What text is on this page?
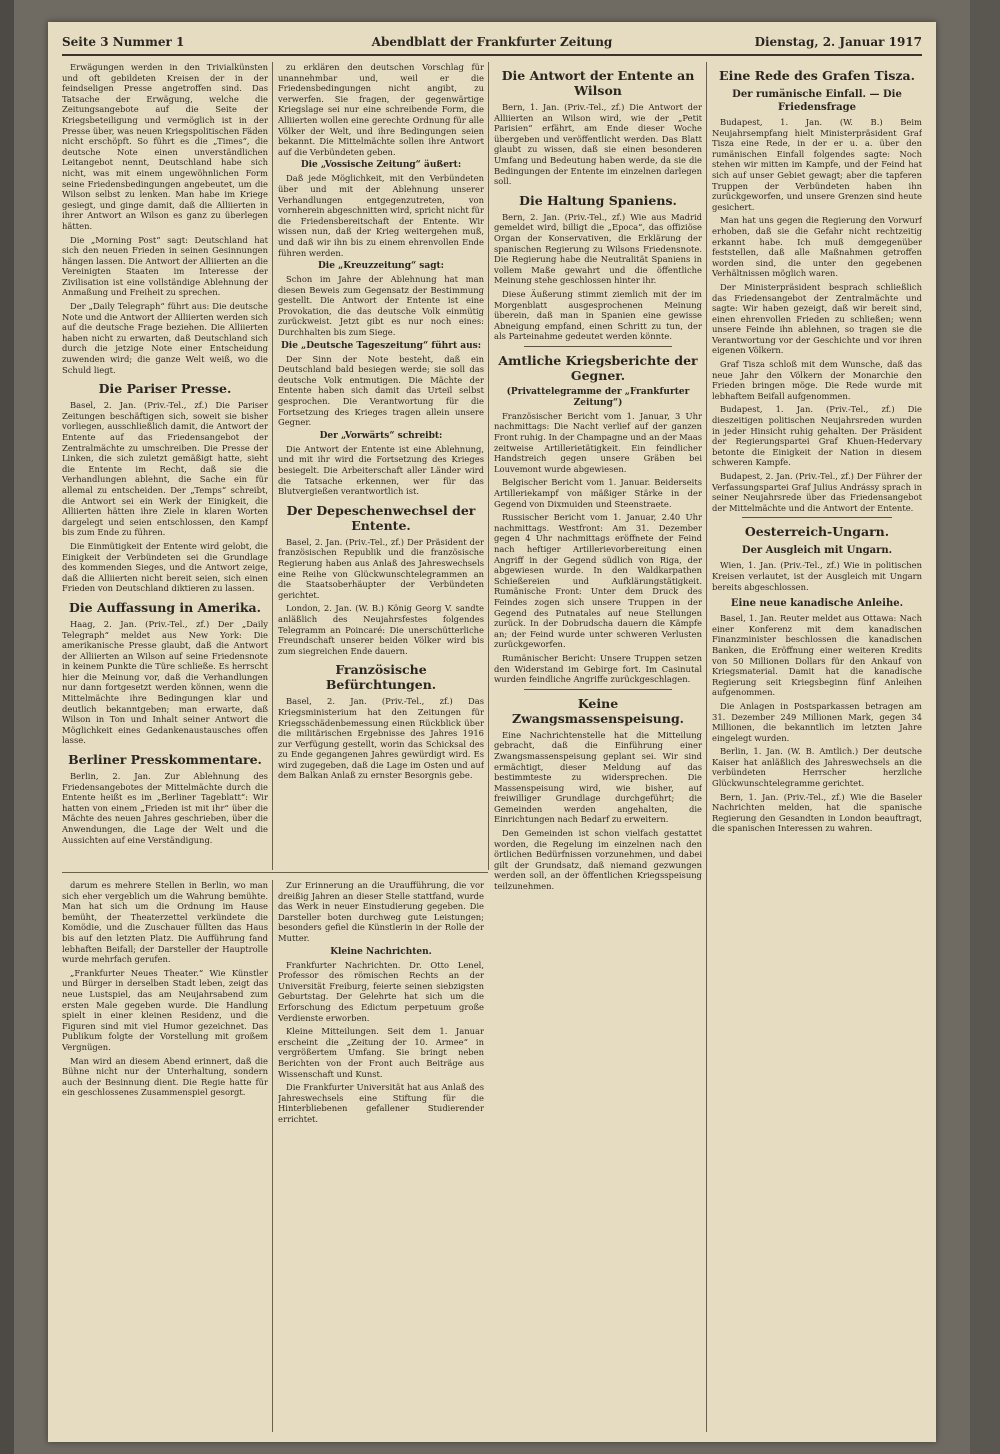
Seite 3 Nummer 1	Abendblatt der Frankfurter Zeitung	Dienstag, 2. Januar 1917

Erwägungen werden in den Trivialkünsten und oft gebildeten Kreisen der in der feindseligen Presse angetroffen sind. Das Tatsache der Erwägung, welche die Zeitungsangebote auf die Seite der Kriegsbeteiligung und vermöglich ist in der Presse über, was neuen Kriegspolitischen Fäden nicht erschöpft. So führt es die „Times“, die deutsche Note einen unverständlichen Leitangebot nennt, Deutschland habe sich nicht, was mit einem ungewöhnlichen Form seine Friedensbedingungen angebeutet, um die Wilson selbst zu lenken. Man habe im Kriege gesiegt, und ginge damit, daß die Alliierten in ihrer Antwort an Wilson es ganz zu überlegen hätten.

Die „Morning Post“ sagt: Deutschland hat sich den neuen Frieden in seinen Gesinnungen hängen lassen. Die Antwort der Alliierten an die Vereinigten Staaten im Interesse der Zivilisation ist eine vollständige Ablehnung der Anmaßung und Freiheit zu sprechen.

Der „Daily Telegraph“ führt aus: Die deutsche Note und die Antwort der Alliierten werden sich auf die deutsche Frage beziehen. Die Alliierten haben nicht zu erwarten, daß Deutschland sich durch die jetzige Note einer Entscheidung zuwenden wird; die ganze Welt weiß, wo die Schuld liegt.

Die Pariser Presse.

Basel, 2. Jan. (Priv.-Tel., zf.) Die Pariser Zeitungen beschäftigen sich, soweit sie bisher vorliegen, ausschließlich damit, die Antwort der Entente auf das Friedensangebot der Zentralmächte zu umschreiben. Die Presse der Linken, die sich zuletzt gemäßigt hatte, sieht die Entente im Recht, daß sie die Verhandlungen ablehnt, die Sache ein für allemal zu entscheiden. Der „Temps“ schreibt, die Antwort sei ein Werk der Einigkeit, die Alliierten hätten ihre Ziele in klaren Worten dargelegt und seien entschlossen, den Kampf bis zum Ende zu führen.

Die Einmütigkeit der Entente wird gelobt, die Einigkeit der Verbündeten sei die Grundlage des kommenden Sieges, und die Antwort zeige, daß die Alliierten nicht bereit seien, sich einen Frieden von Deutschland diktieren zu lassen.

Die Auffassung in Amerika.

Haag, 2. Jan. (Priv.-Tel., zf.) Der „Daily Telegraph“ meldet aus New York: Die amerikanische Presse glaubt, daß die Antwort der Alliierten an Wilson auf seine Friedensnote in keinem Punkte die Türe schließe. Es herrscht hier die Meinung vor, daß die Verhandlungen nur dann fortgesetzt werden können, wenn die Mittelmächte ihre Bedingungen klar und deutlich bekanntgeben; man erwarte, daß Wilson in Ton und Inhalt seiner Antwort die Möglichkeit eines Gedankenaustausches offen lasse.

Berliner Presskommentare.

Berlin, 2. Jan. Zur Ablehnung des Friedensangebotes der Mittelmächte durch die Entente heißt es im „Berliner Tageblatt“: Wir hatten von einem „Frieden ist mit ihr“ über die Mächte des neuen Jahres geschrieben, über die Anwendungen, die Lage der Welt und die Aussichten auf eine Verständigung.

zu erklären den deutschen Vorschlag für unannehmbar und, weil er die Friedensbedingungen nicht angibt, zu verwerfen. Sie fragen, der gegenwärtige Kriegslage sei nur eine schreibende Form, die Alliierten wollen eine gerechte Ordnung für alle Völker der Welt, und ihre Bedingungen seien bekannt. Die Mittelmächte sollen ihre Antwort auf die Verbündeten geben.

Die „Vossische Zeitung“ äußert:

Daß jede Möglichkeit, mit den Verbündeten über und mit der Ablehnung unserer Verhandlungen entgegenzutreten, von vornherein abgeschnitten wird, spricht nicht für die Friedensbereitschaft der Entente. Wir wissen nun, daß der Krieg weitergehen muß, und daß wir ihn bis zu einem ehrenvollen Ende führen werden.

Die „Kreuzzeitung“ sagt:

Schon im Jahre der Ablehnung hat man diesen Beweis zum Gegensatz der Bestimmung gestellt. Die Antwort der Entente ist eine Provokation, die das deutsche Volk einmütig zurückweist. Jetzt gibt es nur noch eines: Durchhalten bis zum Siege.

Die „Deutsche Tageszeitung“ führt aus:

Der Sinn der Note besteht, daß ein Deutschland bald besiegen werde; sie soll das deutsche Volk entmutigen. Die Mächte der Entente haben sich damit das Urteil selbst gesprochen. Die Verantwortung für die Fortsetzung des Krieges tragen allein unsere Gegner.

Der „Vorwärts“ schreibt:

Die Antwort der Entente ist eine Ablehnung, und mit ihr wird die Fortsetzung des Krieges besiegelt. Die Arbeiterschaft aller Länder wird die Tatsache erkennen, wer für das Blutvergießen verantwortlich ist.

Der Depeschenwechsel der Entente.

Basel, 2. Jan. (Priv.-Tel., zf.) Der Präsident der französischen Republik und die französische Regierung haben aus Anlaß des Jahreswechsels eine Reihe von Glückwunschtelegrammen an die Staatsoberhäupter der Verbündeten gerichtet.

London, 2. Jan. (W. B.) König Georg V. sandte anläßlich des Neujahrsfestes folgendes Telegramm an Poincaré: Die unerschütterliche Freundschaft unserer beiden Völker wird bis zum siegreichen Ende dauern.

Französische Befürchtungen.

Basel, 2. Jan. (Priv.-Tel., zf.) Das Kriegsministerium hat den Zeitungen für Kriegsschädenbemessung einen Rückblick über die militärischen Ergebnisse des Jahres 1916 zur Verfügung gestellt, worin das Schicksal des zu Ende gegangenen Jahres gewürdigt wird. Es wird zugegeben, daß die Lage im Osten und auf dem Balkan Anlaß zu ernster Besorgnis gebe.

Die Antwort der Entente an Wilson

Bern, 1. Jan. (Priv.-Tel., zf.) Die Antwort der Alliierten an Wilson wird, wie der „Petit Parisien“ erfährt, am Ende dieser Woche übergeben und veröffentlicht werden. Das Blatt glaubt zu wissen, daß sie einen besonderen Umfang und Bedeutung haben werde, da sie die Bedingungen der Entente im einzelnen darlegen soll.

Die Haltung Spaniens.

Bern, 2. Jan. (Priv.-Tel., zf.) Wie aus Madrid gemeldet wird, billigt die „Epoca“, das offiziöse Organ der Konservativen, die Erklärung der spanischen Regierung zu Wilsons Friedensnote. Die Regierung habe die Neutralität Spaniens in vollem Maße gewahrt und die öffentliche Meinung stehe geschlossen hinter ihr.

Diese Äußerung stimmt ziemlich mit der im Morgenblatt ausgesprochenen Meinung überein, daß man in Spanien eine gewisse Abneigung empfand, einen Schritt zu tun, der als Parteinahme gedeutet werden könnte.

Amtliche Kriegsberichte der Gegner.
(Privattelegramme der „Frankfurter Zeitung“)

Französischer Bericht vom 1. Januar, 3 Uhr nachmittags: Die Nacht verlief auf der ganzen Front ruhig. In der Champagne und an der Maas zeitweise Artillerietätigkeit. Ein feindlicher Handstreich gegen unsere Gräben bei Louvemont wurde abgewiesen.

Belgischer Bericht vom 1. Januar. Beiderseits Artilleriekampf von mäßiger Stärke in der Gegend von Dixmuiden und Steenstraete.

Russischer Bericht vom 1. Januar, 2.40 Uhr nachmittags. Westfront: Am 31. Dezember gegen 4 Uhr nachmittags eröffnete der Feind nach heftiger Artillerievorbereitung einen Angriff in der Gegend südlich von Riga, der abgewiesen wurde. In den Waldkarpathen Schießereien und Aufklärungstätigkeit. Rumänische Front: Unter dem Druck des Feindes zogen sich unsere Truppen in der Gegend des Putnatales auf neue Stellungen zurück. In der Dobrudscha dauern die Kämpfe an; der Feind wurde unter schweren Verlusten zurückgeworfen.

Rumänischer Bericht: Unsere Truppen setzen den Widerstand im Gebirge fort. Im Casinutal wurden feindliche Angriffe zurückgeschlagen.

Keine Zwangsmassenspeisung.

Eine Nachrichtenstelle hat die Mitteilung gebracht, daß die Einführung einer Zwangsmassenspeisung geplant sei. Wir sind ermächtigt, dieser Meldung auf das bestimmteste zu widersprechen. Die Massenspeisung wird, wie bisher, auf freiwilliger Grundlage durchgeführt; die Gemeinden werden angehalten, die Einrichtungen nach Bedarf zu erweitern.

Den Gemeinden ist schon vielfach gestattet worden, die Regelung im einzelnen nach den örtlichen Bedürfnissen vorzunehmen, und dabei gilt der Grundsatz, daß niemand gezwungen werden soll, an der öffentlichen Kriegsspeisung teilzunehmen.

Eine Rede des Grafen Tisza.
Der rumänische Einfall. — Die Friedensfrage

Budapest, 1. Jan. (W. B.) Beim Neujahrsempfang hielt Ministerpräsident Graf Tisza eine Rede, in der er u. a. über den rumänischen Einfall folgendes sagte: Noch stehen wir mitten im Kampfe, und der Feind hat sich auf unser Gebiet gewagt; aber die tapferen Truppen der Verbündeten haben ihn zurückgeworfen, und unsere Grenzen sind heute gesichert.

Man hat uns gegen die Regierung den Vorwurf erhoben, daß sie die Gefahr nicht rechtzeitig erkannt habe. Ich muß demgegenüber feststellen, daß alle Maßnahmen getroffen worden sind, die unter den gegebenen Verhältnissen möglich waren.

Der Ministerpräsident besprach schließlich das Friedensangebot der Zentralmächte und sagte: Wir haben gezeigt, daß wir bereit sind, einen ehrenvollen Frieden zu schließen; wenn unsere Feinde ihn ablehnen, so tragen sie die Verantwortung vor der Geschichte und vor ihren eigenen Völkern.

Graf Tisza schloß mit dem Wunsche, daß das neue Jahr den Völkern der Monarchie den Frieden bringen möge. Die Rede wurde mit lebhaftem Beifall aufgenommen.

Budapest, 1. Jan. (Priv.-Tel., zf.) Die dieszeitigen politischen Neujahrsreden wurden in jeder Hinsicht ruhig gehalten. Der Präsident der Regierungspartei Graf Khuen-Hedervary betonte die Einigkeit der Nation in diesem schweren Kampfe.

Budapest, 2. Jan. (Priv.-Tel., zf.) Der Führer der Verfassungspartei Graf Julius Andrássy sprach in seiner Neujahrsrede über das Friedensangebot der Mittelmächte und die Antwort der Entente.

Oesterreich-Ungarn.
Der Ausgleich mit Ungarn.

Wien, 1. Jan. (Priv.-Tel., zf.) Wie in politischen Kreisen verlautet, ist der Ausgleich mit Ungarn bereits abgeschlossen.

Eine neue kanadische Anleihe.

Basel, 1. Jan. Reuter meldet aus Ottawa: Nach einer Konferenz mit dem kanadischen Finanzminister beschlossen die kanadischen Banken, die Eröffnung einer weiteren Kredits von 50 Millionen Dollars für den Ankauf von Kriegsmaterial. Damit hat die kanadische Regierung seit Kriegsbeginn fünf Anleihen aufgenommen.

Die Anlagen in Postsparkassen betragen am 31. Dezember 249 Millionen Mark, gegen 34 Millionen, die bekanntlich im letzten Jahre eingelegt wurden.

Berlin, 1. Jan. (W. B. Amtlich.) Der deutsche Kaiser hat anläßlich des Jahreswechsels an die verbündeten Herrscher herzliche Glückwunschtelegramme gerichtet.

Bern, 1. Jan. (Priv.-Tel., zf.) Wie die Baseler Nachrichten melden, hat die spanische Regierung den Gesandten in London beauftragt, die spanischen Interessen zu wahren.

darum es mehrere Stellen in Berlin, wo man sich eher vergeblich um die Wahrung bemühte. Man hat sich um die Ordnung im Hause bemüht, der Theaterzettel verkündete die Komödie, und die Zuschauer füllten das Haus bis auf den letzten Platz. Die Aufführung fand lebhaften Beifall; der Darsteller der Hauptrolle wurde mehrfach gerufen.

„Frankfurter Neues Theater.“ Wie Künstler und Bürger in derselben Stadt leben, zeigt das neue Lustspiel, das am Neujahrsabend zum ersten Male gegeben wurde. Die Handlung spielt in einer kleinen Residenz, und die Figuren sind mit viel Humor gezeichnet. Das Publikum folgte der Vorstellung mit großem Vergnügen.

Man wird an diesem Abend erinnert, daß die Bühne nicht nur der Unterhaltung, sondern auch der Besinnung dient. Die Regie hatte für ein geschlossenes Zusammenspiel gesorgt.

Zur Erinnerung an die Uraufführung, die vor dreißig Jahren an dieser Stelle stattfand, wurde das Werk in neuer Einstudierung gegeben. Die Darsteller boten durchweg gute Leistungen; besonders gefiel die Künstlerin in der Rolle der Mutter.

Kleine Nachrichten.

Frankfurter Nachrichten. Dr. Otto Lenel, Professor des römischen Rechts an der Universität Freiburg, feierte seinen siebzigsten Geburtstag. Der Gelehrte hat sich um die Erforschung des Edictum perpetuum große Verdienste erworben.

Kleine Mitteilungen. Seit dem 1. Januar erscheint die „Zeitung der 10. Armee“ in vergrößertem Umfang. Sie bringt neben Berichten von der Front auch Beiträge aus Wissenschaft und Kunst.

Die Frankfurter Universität hat aus Anlaß des Jahreswechsels eine Stiftung für die Hinterbliebenen gefallener Studierender errichtet.
